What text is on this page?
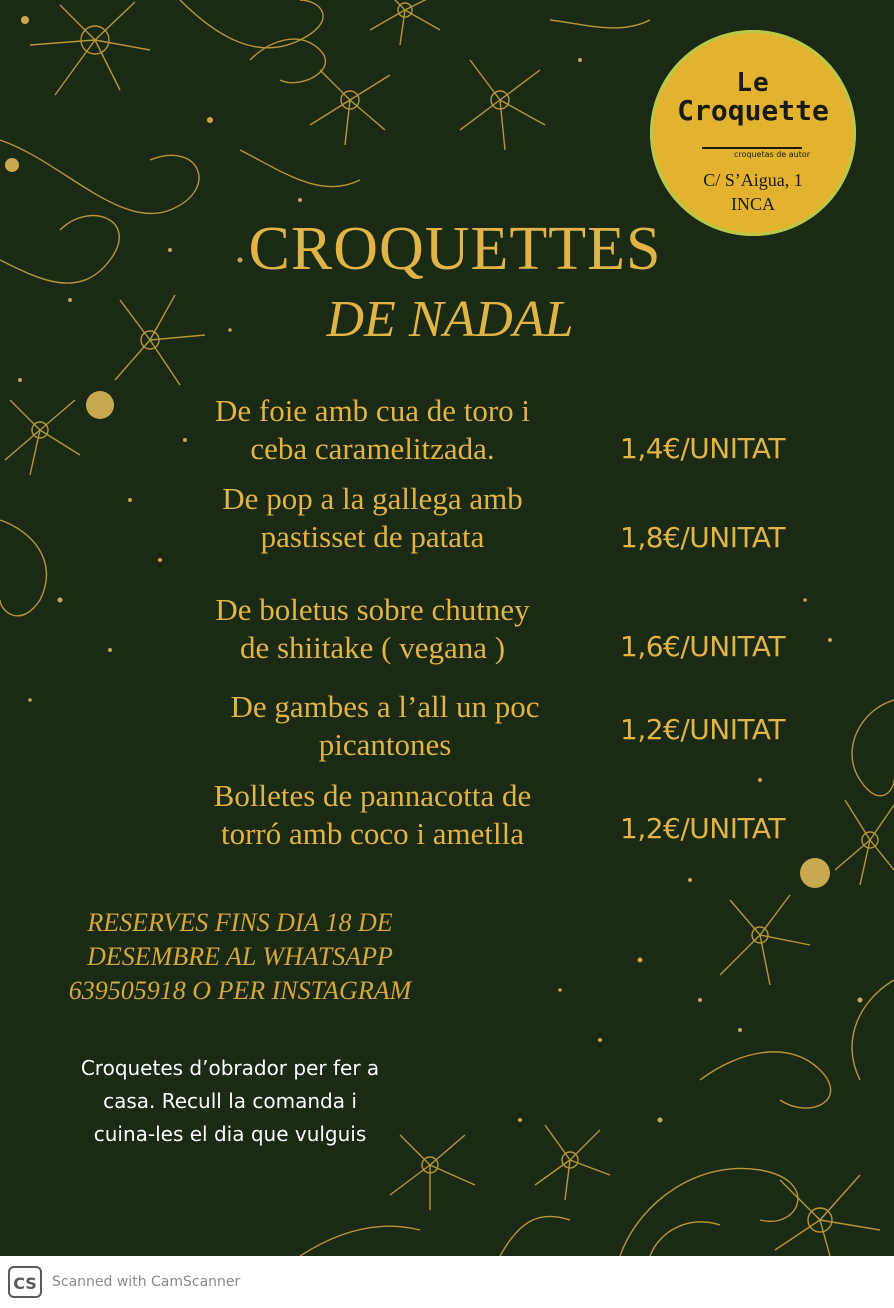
Le
Croquette
croquetas de autor
C/ S’Aigua, 1
INCA
CROQUETTES
DE NADAL
De foie amb cua de toro i
ceba caramelitzada.	1,4€/UNITAT
De pop a la gallega amb
pastisset de patata	1,8€/UNITAT
De boletus sobre chutney
de shiitake ( vegana )	1,6€/UNITAT
De gambes a l’all un poc
picantones	1,2€/UNITAT
Bolletes de pannacotta de
torró amb coco i ametlla	1,2€/UNITAT
RESERVES FINS DIA 18 DE
DESEMBRE AL WHATSAPP
639505918 O PER INSTAGRAM
Croquetes d’obrador per fer a
casa. Recull la comanda i
cuina-les el dia que vulguis
CS	Scanned with CamScanner
